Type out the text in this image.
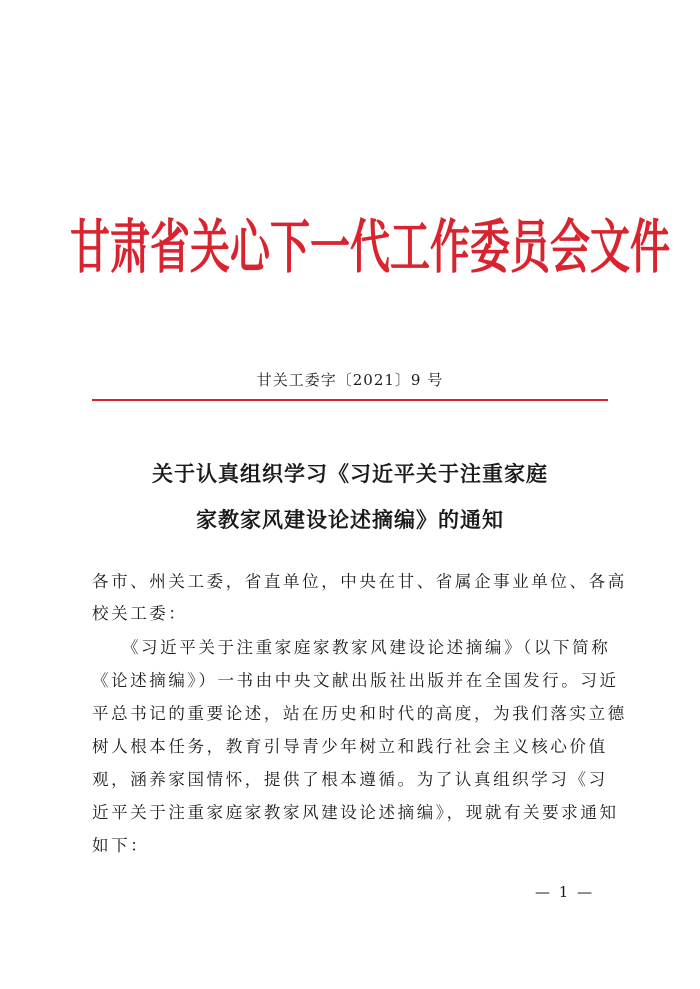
甘肃省关心下一代工作委员会文件
甘关工委字〔2021〕9 号
关于认真组织学习《习近平关于注重家庭
家教家风建设论述摘编》的通知
各市、州关工委，省直单位，中央在甘、省属企事业单位、各高
校关工委：
　　《习近平关于注重家庭家教家风建设论述摘编》（以下简称
《论述摘编》）一书由中央文献出版社出版并在全国发行。习近
平总书记的重要论述，站在历史和时代的高度，为我们落实立德
树人根本任务，教育引导青少年树立和践行社会主义核心价值
观，涵养家国情怀，提供了根本遵循。为了认真组织学习《习
近平关于注重家庭家教家风建设论述摘编》，现就有关要求通知
如下：
— 1 —
